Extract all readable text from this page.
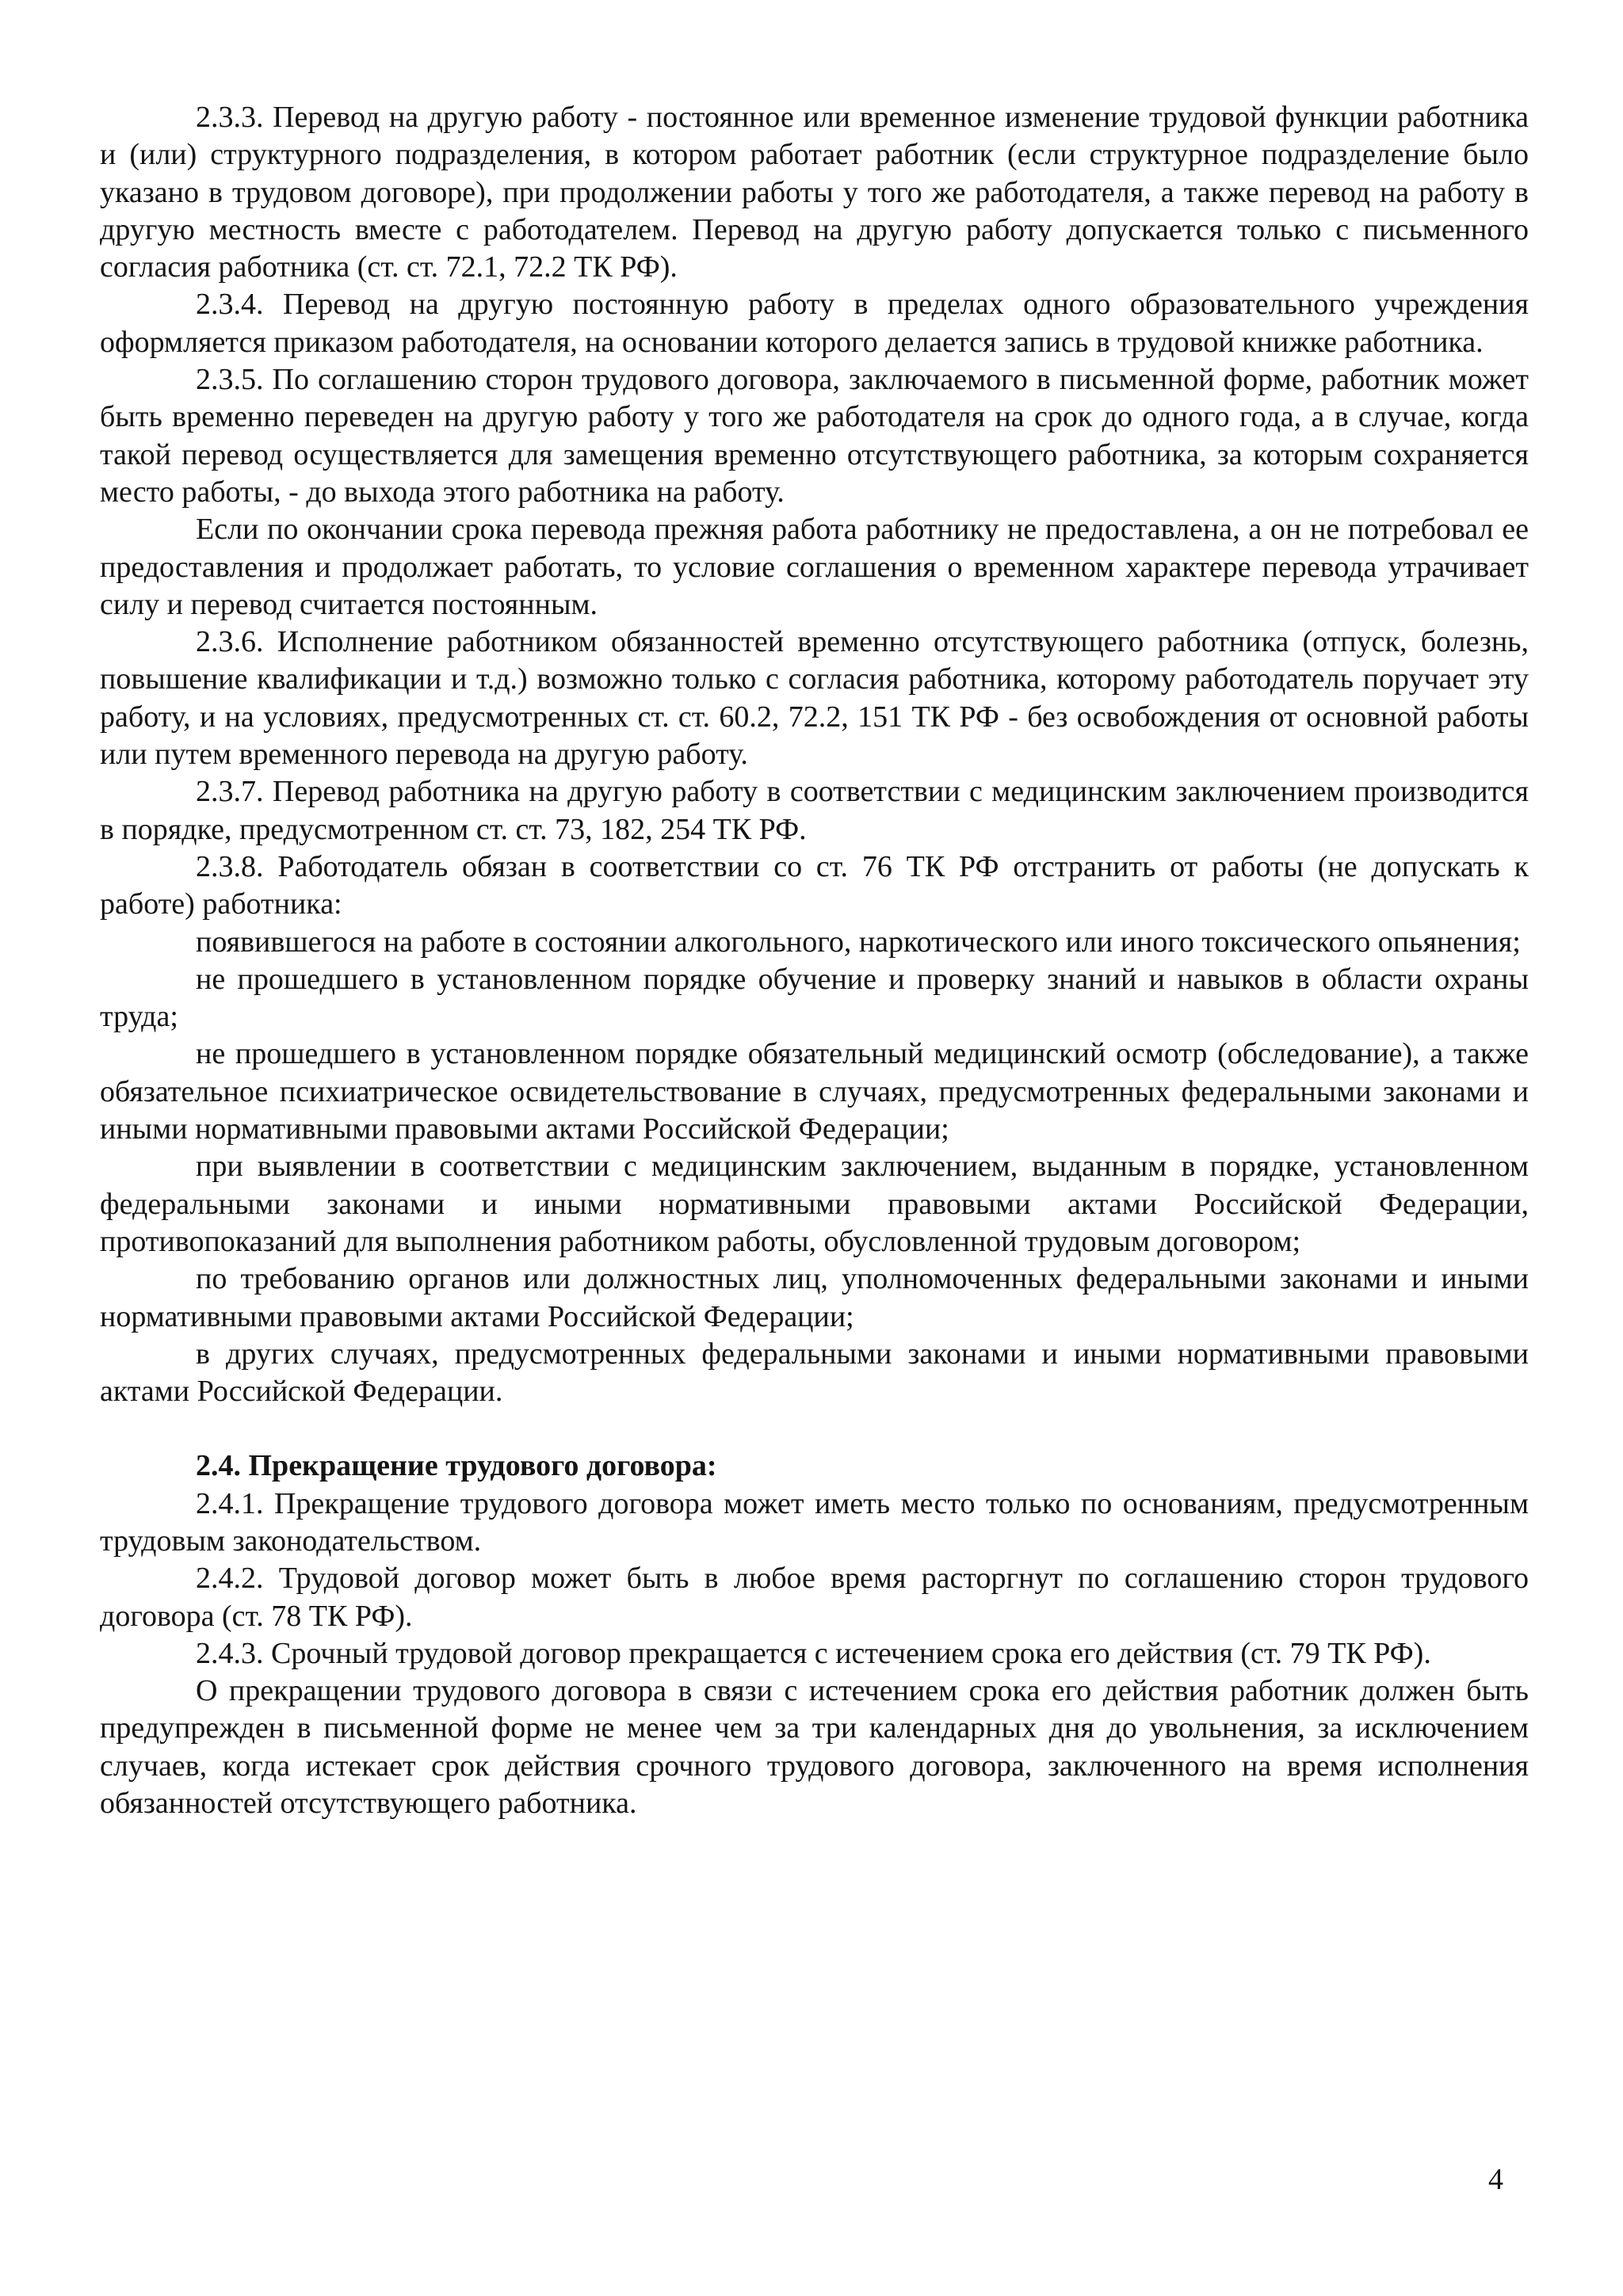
2.3.3. Перевод на другую работу - постоянное или временное изменение трудовой функции работника и (или) структурного подразделения, в котором работает работник (если структурное подразделение было указано в трудовом договоре), при продолжении работы у того же работодателя, а также перевод на работу в другую местность вместе с работодателем. Перевод на другую работу допускается только с письменного согласия работника (ст. ст. 72.1, 72.2 ТК РФ).

2.3.4. Перевод на другую постоянную работу в пределах одного образовательного учреждения оформляется приказом работодателя, на основании которого делается запись в трудовой книжке работника.

2.3.5. По соглашению сторон трудового договора, заключаемого в письменной форме, работник может быть временно переведен на другую работу у того же работодателя на срок до одного года, а в случае, когда такой перевод осуществляется для замещения временно отсутствующего работника, за которым сохраняется место работы, - до выхода этого работника на работу.

Если по окончании срока перевода прежняя работа работнику не предоставлена, а он не потребовал ее предоставления и продолжает работать, то условие соглашения о временном характере перевода утрачивает силу и перевод считается постоянным.

2.3.6. Исполнение работником обязанностей временно отсутствующего работника (отпуск, болезнь, повышение квалификации и т.д.) возможно только с согласия работника, которому работодатель поручает эту работу, и на условиях, предусмотренных ст. ст. 60.2, 72.2, 151 ТК РФ - без освобождения от основной работы или путем временного перевода на другую работу.

2.3.7. Перевод работника на другую работу в соответствии с медицинским заключением производится в порядке, предусмотренном ст. ст. 73, 182, 254 ТК РФ.

2.3.8. Работодатель обязан в соответствии со ст. 76 ТК РФ отстранить от работы (не допускать к работе) работника:

появившегося на работе в состоянии алкогольного, наркотического или иного токсического опьянения;

не прошедшего в установленном порядке обучение и проверку знаний и навыков в области охраны труда;

не прошедшего в установленном порядке обязательный медицинский осмотр (обследование), а также обязательное психиатрическое освидетельствование в случаях, предусмотренных федеральными законами и иными нормативными правовыми актами Российской Федерации;

при выявлении в соответствии с медицинским заключением, выданным в порядке, установленном федеральными законами и иными нормативными правовыми актами Российской Федерации, противопоказаний для выполнения работником работы, обусловленной трудовым договором;

по требованию органов или должностных лиц, уполномоченных федеральными законами и иными нормативными правовыми актами Российской Федерации;

в других случаях, предусмотренных федеральными законами и иными нормативными правовыми актами Российской Федерации.

2.4. Прекращение трудового договора:

2.4.1. Прекращение трудового договора может иметь место только по основаниям, предусмотренным трудовым законодательством.

2.4.2. Трудовой договор может быть в любое время расторгнут по соглашению сторон трудового договора (ст. 78 ТК РФ).

2.4.3. Срочный трудовой договор прекращается с истечением срока его действия (ст. 79 ТК РФ).

О прекращении трудового договора в связи с истечением срока его действия работник должен быть предупрежден в письменной форме не менее чем за три календарных дня до увольнения, за исключением случаев, когда истекает срок действия срочного трудового договора, заключенного на время исполнения обязанностей отсутствующего работника.

4
